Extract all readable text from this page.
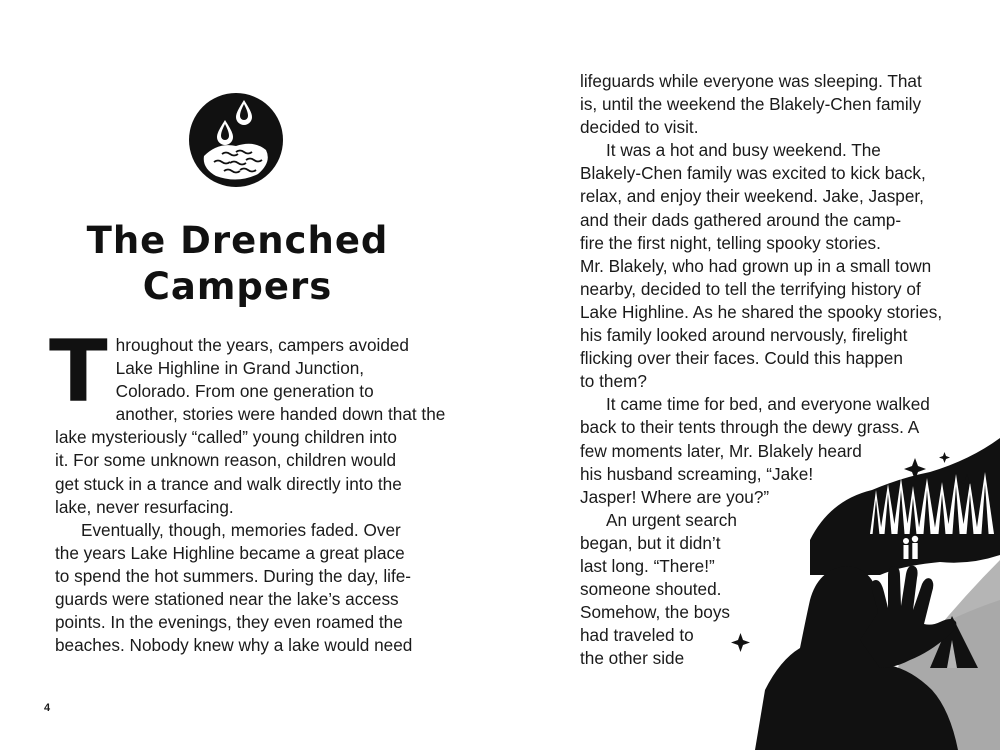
The Drenched
Campers
T hroughout the years, campers avoided
Lake Highline in Grand Junction,
Colorado. From one generation to
another, stories were handed down that the
lake mysteriously “called” young children into
it. For some unknown reason, children would
get stuck in a trance and walk directly into the
lake, never resurfacing.
Eventually, though, memories faded. Over
the years Lake Highline became a great place
to spend the hot summers. During the day, life-
guards were stationed near the lake’s access
points. In the evenings, they even roamed the
beaches. Nobody knew why a lake would need
4
lifeguards while everyone was sleeping. That
is, until the weekend the Blakely-Chen family
decided to visit.
It was a hot and busy weekend. The
Blakely-Chen family was excited to kick back,
relax, and enjoy their weekend. Jake, Jasper,
and their dads gathered around the camp-
fire the first night, telling spooky stories.
Mr. Blakely, who had grown up in a small town
nearby, decided to tell the terrifying history of
Lake Highline. As he shared the spooky stories,
his family looked around nervously, firelight
flicking over their faces. Could this happen
to them?
It came time for bed, and everyone walked
back to their tents through the dewy grass. A
few moments later, Mr. Blakely heard
his husband screaming, “Jake!
Jasper! Where are you?”
An urgent search
began, but it didn’t
last long. “There!”
someone shouted.
Somehow, the boys
had traveled to
the other side
